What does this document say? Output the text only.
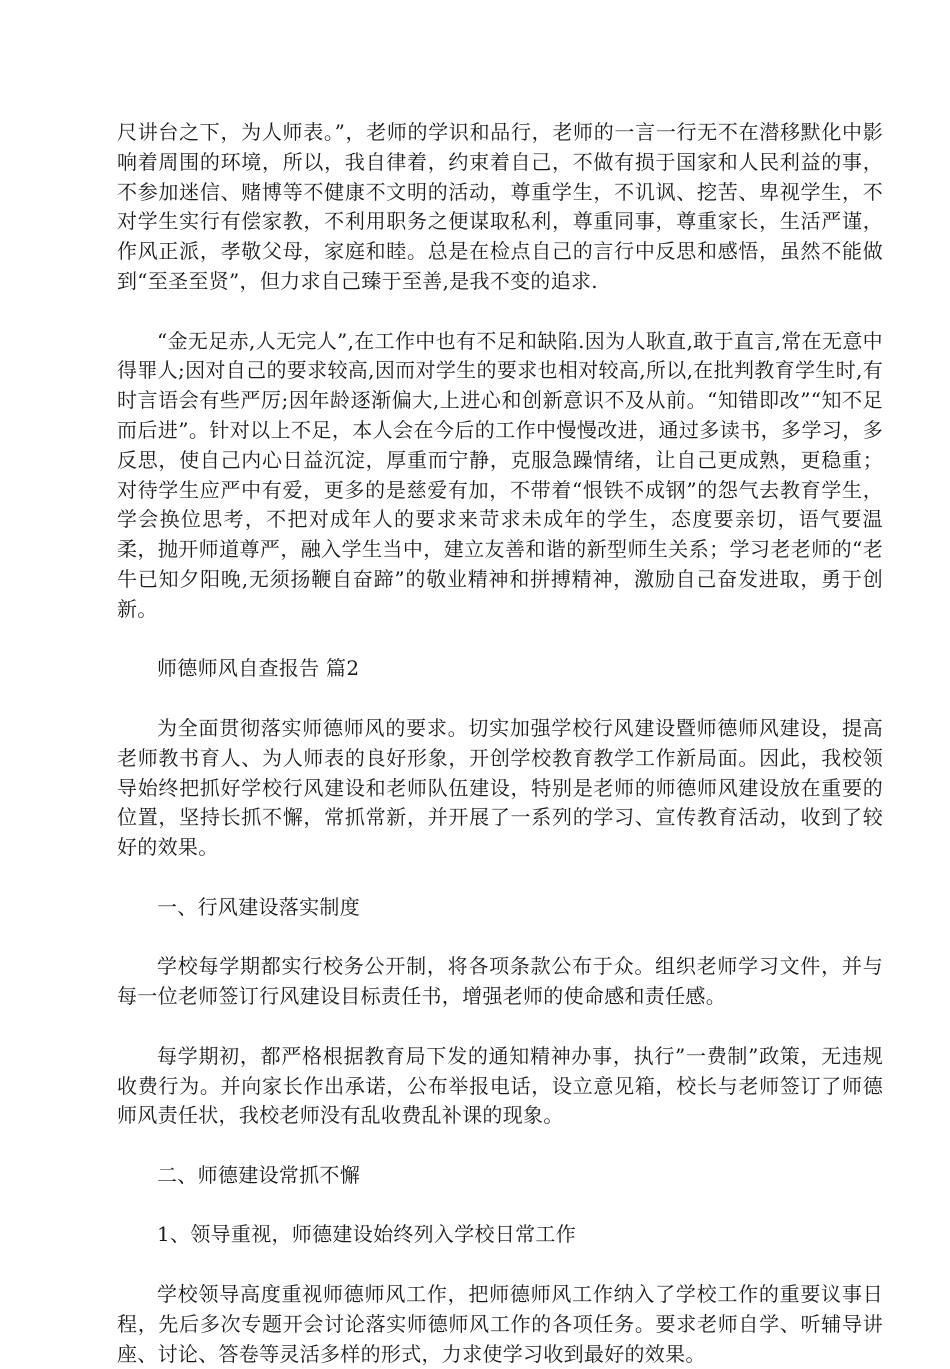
尺讲台之下，为人师表。”，老师的学识和品行，老师的一言一行无不在潜移默化中影响着周围的环境，所以，我自律着，约束着自己，不做有损于国家和人民利益的事，不参加迷信、赌博等不健康不文明的活动，尊重学生，不讥讽、挖苦、卑视学生，不对学生实行有偿家教，不利用职务之便谋取私利，尊重同事，尊重家长，生活严谨，作风正派，孝敬父母，家庭和睦。总是在检点自己的言行中反思和感悟，虽然不能做到“至圣至贤”，但力求自己臻于至善,是我不变的追求.

“金无足赤,人无完人”,在工作中也有不足和缺陷.因为人耿直,敢于直言,常在无意中得罪人;因对自己的要求较高,因而对学生的要求也相对较高,所以,在批判教育学生时,有时言语会有些严厉;因年龄逐渐偏大,上进心和创新意识不及从前。“知错即改”“知不足而后进”。针对以上不足，本人会在今后的工作中慢慢改进，通过多读书，多学习，多反思，使自己内心日益沉淀，厚重而宁静，克服急躁情绪，让自己更成熟，更稳重；对待学生应严中有爱，更多的是慈爱有加，不带着“恨铁不成钢”的怨气去教育学生，学会换位思考，不把对成年人的要求来苛求未成年的学生，态度要亲切，语气要温柔，抛开师道尊严，融入学生当中，建立友善和谐的新型师生关系；学习老老师的“老牛已知夕阳晚,无须扬鞭自奋蹄”的敬业精神和拼搏精神，激励自己奋发进取，勇于创新。

师德师风自查报告 篇2

为全面贯彻落实师德师风的要求。切实加强学校行风建设暨师德师风建设，提高老师教书育人、为人师表的良好形象，开创学校教育教学工作新局面。因此，我校领导始终把抓好学校行风建设和老师队伍建设，特别是老师的师德师风建设放在重要的位置，坚持长抓不懈，常抓常新，并开展了一系列的学习、宣传教育活动，收到了较好的效果。

一、行风建设落实制度

学校每学期都实行校务公开制，将各项条款公布于众。组织老师学习文件，并与每一位老师签订行风建设目标责任书，增强老师的使命感和责任感。

每学期初，都严格根据教育局下发的通知精神办事，执行”一费制”政策，无违规收费行为。并向家长作出承诺，公布举报电话，设立意见箱，校长与老师签订了师德师风责任状，我校老师没有乱收费乱补课的现象。

二、师德建设常抓不懈

1、领导重视，师德建设始终列入学校日常工作

学校领导高度重视师德师风工作，把师德师风工作纳入了学校工作的重要议事日程，先后多次专题开会讨论落实师德师风工作的各项任务。要求老师自学、听辅导讲座、讨论、答卷等灵活多样的形式，力求使学习收到最好的效果。
